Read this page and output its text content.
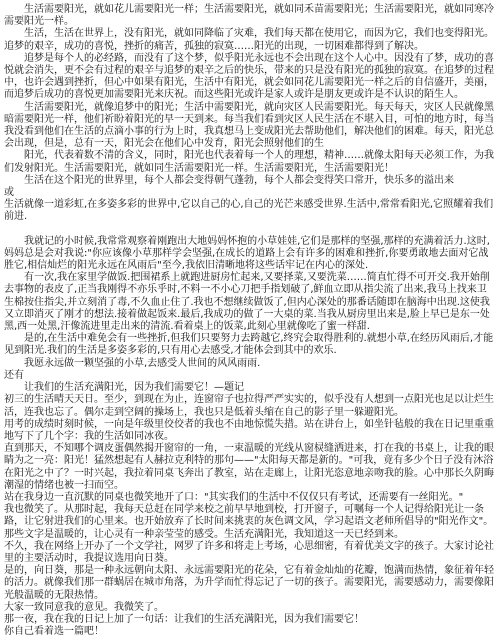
生活需要阳光，就如花儿需要阳光一样；生活需要阳光，就如同禾苗需要阳光；生活需要阳光，就如同寒冷需要阳光一样。

生活，生活在世界上，没有阳光，就如同降临了灾难，我们每天都在使用它，而因为它，我们也变得阳光。追梦的艰辛，成功的喜悦，挫折的痛苦，孤独的寂寞……阳光的出现，一切困难都得到了解决。

追梦是每个人的必经路，而没有了这个梦，似乎阳光永远也不会出现在这个人心中。因没有了梦，成功的喜悦就会消失，更不会有过程的艰辛与追梦的艰辛之后的快乐，带来的只是没有阳光的孤独的寂寞。在追梦的过程中，也许会遇到挫折，但心中如果有阳光，生活中有阳光，就会如同花儿需要阳光一样之后的自信盛开，美丽，而追梦后成功的喜悦更加需要阳光来庆祝。而这些阳光或许是家人或许是朋友更或许是不认识的陌生人。

生活需要阳光，就像追梦中的阳光；生活中需要阳光，就向灾区人民需要阳光。每天每天，灾区人民就像黑暗需要阳光一样，他们祈盼着阳光的早一天到来。每当我们看到灾区人民生活在不堪入目，可怕的地方时，每当我没看到他们在生活的点滴小事的行为上时，我真想马上变成阳光去帮助他们，解决他们的困难。每天，阳光总会出现，但是，总有一天，阳光会在他们心中发育，阳光会照射他们的生

阳光，代表着数不清的含义，同时，阳光也代表着每一个人的理想，精神……就像太阳每天必须工作，为我们发射阳光。生活需要阳光，就如同生活需要阳光一样。生活需要阳光，生活需要阳光！

生活在这个阳光的世界里，每个人都会变得朝气蓬勃，每个人都会变得笑口常开，快乐多的溢出来

或

生活就像一道彩虹,在多姿多彩的世界中,它以自己的心,自己的光芒来感受世界.生活中,常常看阳光,它照耀着我们前进.

我就记的小时候,我常常观察着刚跑出大地妈妈怀抱的小草娃娃,它们是那样的坚强,那样的充满着活力.这时,妈妈总是会对我说:"你应该像小草那样学会坚强,在成长的道路上会有许多的困难和挫折,你要勇敢地去面对它战胜它,相信灿烂的阳光永远在风雨后"至今,我依旧清晰地将这些话牢记在内心的深处.

有一次,我在家里学做饭.把围裙系上就跑进厨房忙起来,又要择菜,又要洗菜……简直忙得不可开交.我开始削去事物的表皮了,正当我刚得不亦乐乎时,不料一不小心刀把手指划破了,鲜血立即从指尖流了出来,我马上找来卫生棉按住指尖,并立刻消了毒,不久血止住了.我也不想继续做饭了,但内心深处的那番话随即在脑海中出现.这使我又立即消灭了刚才的想法.接着做起饭来.最后,我成功的做了一大桌的菜.当我从厨房里出来是,脸上早已是东一处黑,西一处黑,汗像流进里走出来的清流.看着桌上的饭菜,此刻心里就像吃了蜜一样甜.

是的,在生活中难免会有一些挫折,但我们只要努力去跨越它,终究会取得胜利的.就想小草,在经历风雨后,才能见到阳光.我们的生活是多姿多彩的,只有用心去感受,才能体会到其中的欢乐.

我愿永远做一颗坚强的小草,去感受人世间的风风雨雨.

还有

让我们的生活充满阳光，因为我们需要它！—题记

初三的生活晴天天日。至少，到现在为止，连窗帘子也拉得严严实实的，似乎没有人想到一点阳光也足以让烂生活，连我也忘了。偶尔走到空阔的操场上，我也只是低着头缩在自己的影子里一躲避阳光。

用考的成绩时刻时候，一向是年级里佼佼者的我也不由地惊慌失措。站在讲台上，如坐针毡般的我在日记里重重地写下了几个字：我的生活如同冰夜。

直到那天，不知哪个调皮蛋偶然揭开窗帘的一角，一束温暖的光线从窗棂缝洒进来，打在我的书桌上，让我的眼睛为之一亮：阳光！猛然想起有人赫拉克利特的那句——"太阳每天都是新的。"可我，竟有多少个日子没有沐浴在阳光之中了？一时兴起，我拉着同桌飞奔出了教室，站在走廊上，让阳光恣意地亲吻我的脸。心中那长久阴晦潮湿的情绪也被一扫而空。

站在我身边一直沉默的同桌也微笑地开了口："其实我们的生活中不仅仅只有考试，还需要有一丝阳光。"

我也微笑了。从那时起，我每天总赶在同学来校之前早早地到校，打开窗子，可嘱每一个人记得给阳光让一条路，让它射进我们的心里来。也开始放弃了长时间来挑衷的灰色调文风，学习起语文老师所倡导的"阳光作文"。那些文字是温暖的，让心灵有一种亲莹莹的感受。生活充满阳光，我知道这一天已经到来。

不久，我在网络上开办了一个文学社，网罗了许多和将走上考场，心思细密，有着优美文字的孩子。大家讨论社里的主要活动时，我提议选用向日葵。

是的，向日葵，那是一种永远朝向太阳、永远需要阳光的花朵，它有着金灿灿的花瓣，饱满而热情，象征着年轻的活力。就像我们那一群蜗居在城市角落，为升学而忙得忘记了一切的孩子。需要阳光，需要感动力，需要像阳光般温暖的无限热情。

大家一致同意我的意见。我微笑了。

那一夜，我在我的日记上加了一句话：让我们的生活充满阳光，因为我们需要它！

你自己看着选一篇吧！
